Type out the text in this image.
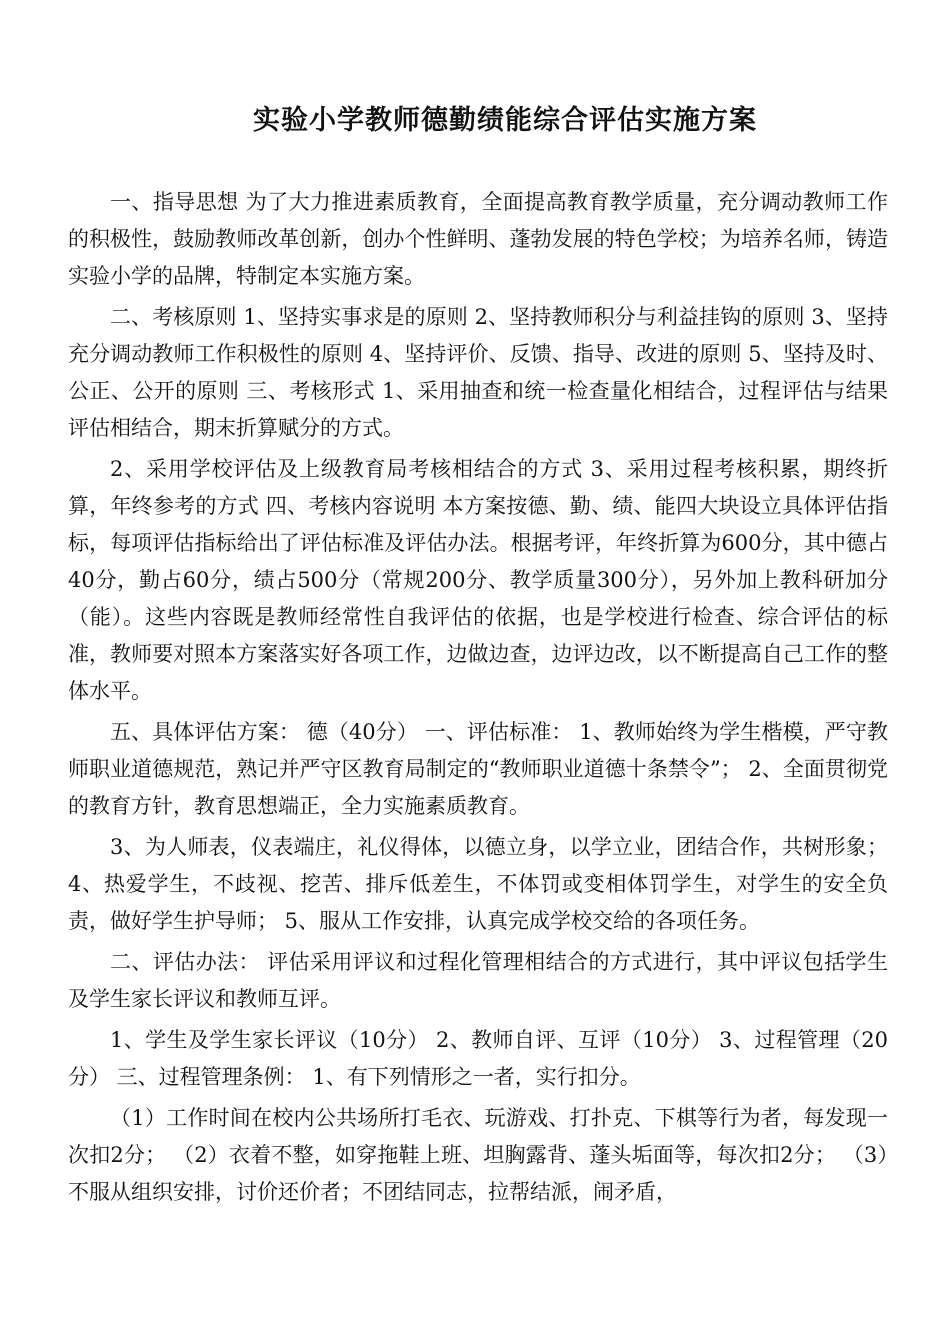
实验小学教师德勤绩能综合评估实施方案

一、指导思想 为了大力推进素质教育，全面提高教育教学质量，充分调动教师工作的积极性，鼓励教师改革创新，创办个性鲜明、蓬勃发展的特色学校；为培养名师，铸造实验小学的品牌，特制定本实施方案。

二、考核原则 1、坚持实事求是的原则 2、坚持教师积分与利益挂钩的原则 3、坚持充分调动教师工作积极性的原则 4、坚持评价、反馈、指导、改进的原则 5、坚持及时、公正、公开的原则 三、考核形式 1、采用抽查和统一检查量化相结合，过程评估与结果评估相结合，期末折算赋分的方式。

2、采用学校评估及上级教育局考核相结合的方式 3、采用过程考核积累，期终折算，年终参考的方式 四、考核内容说明 本方案按德、勤、绩、能四大块设立具体评估指标，每项评估指标给出了评估标准及评估办法。根据考评，年终折算为600分，其中德占40分，勤占60分，绩占500分（常规200分、教学质量300分），另外加上教科研加分（能）。这些内容既是教师经常性自我评估的依据，也是学校进行检查、综合评估的标准，教师要对照本方案落实好各项工作，边做边查，边评边改，以不断提高自己工作的整体水平。

五、具体评估方案： 德（40分） 一、评估标准： 1、教师始终为学生楷模，严守教师职业道德规范，熟记并严守区教育局制定的“教师职业道德十条禁令”； 2、全面贯彻党的教育方针，教育思想端正，全力实施素质教育。

3、为人师表，仪表端庄，礼仪得体，以德立身，以学立业，团结合作，共树形象； 4、热爱学生，不歧视、挖苦、排斥低差生，不体罚或变相体罚学生，对学生的安全负责，做好学生护导师； 5、服从工作安排，认真完成学校交给的各项任务。

二、评估办法： 评估采用评议和过程化管理相结合的方式进行，其中评议包括学生及学生家长评议和教师互评。

1、学生及学生家长评议（10分） 2、教师自评、互评（10分） 3、过程管理（20分） 三、过程管理条例： 1、有下列情形之一者，实行扣分。

（1）工作时间在校内公共场所打毛衣、玩游戏、打扑克、下棋等行为者，每发现一次扣2分； （2）衣着不整，如穿拖鞋上班、坦胸露背、蓬头垢面等，每次扣2分； （3）不服从组织安排，讨价还价者；不团结同志，拉帮结派，闹矛盾，
